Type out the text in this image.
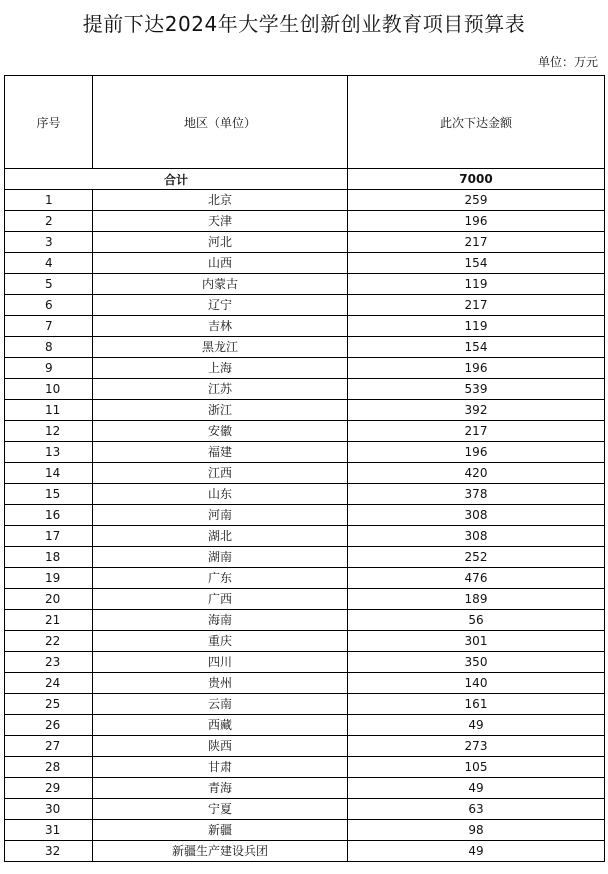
提前下达2024年大学生创新创业教育项目预算表
单位：万元
序号	地区（单位）	此次下达金额
合计		7000
1	北京	259
2	天津	196
3	河北	217
4	山西	154
5	内蒙古	119
6	辽宁	217
7	吉林	119
8	黑龙江	154
9	上海	196
10	江苏	539
11	浙江	392
12	安徽	217
13	福建	196
14	江西	420
15	山东	378
16	河南	308
17	湖北	308
18	湖南	252
19	广东	476
20	广西	189
21	海南	56
22	重庆	301
23	四川	350
24	贵州	140
25	云南	161
26	西藏	49
27	陕西	273
28	甘肃	105
29	青海	49
30	宁夏	63
31	新疆	98
32	新疆生产建设兵团	49
